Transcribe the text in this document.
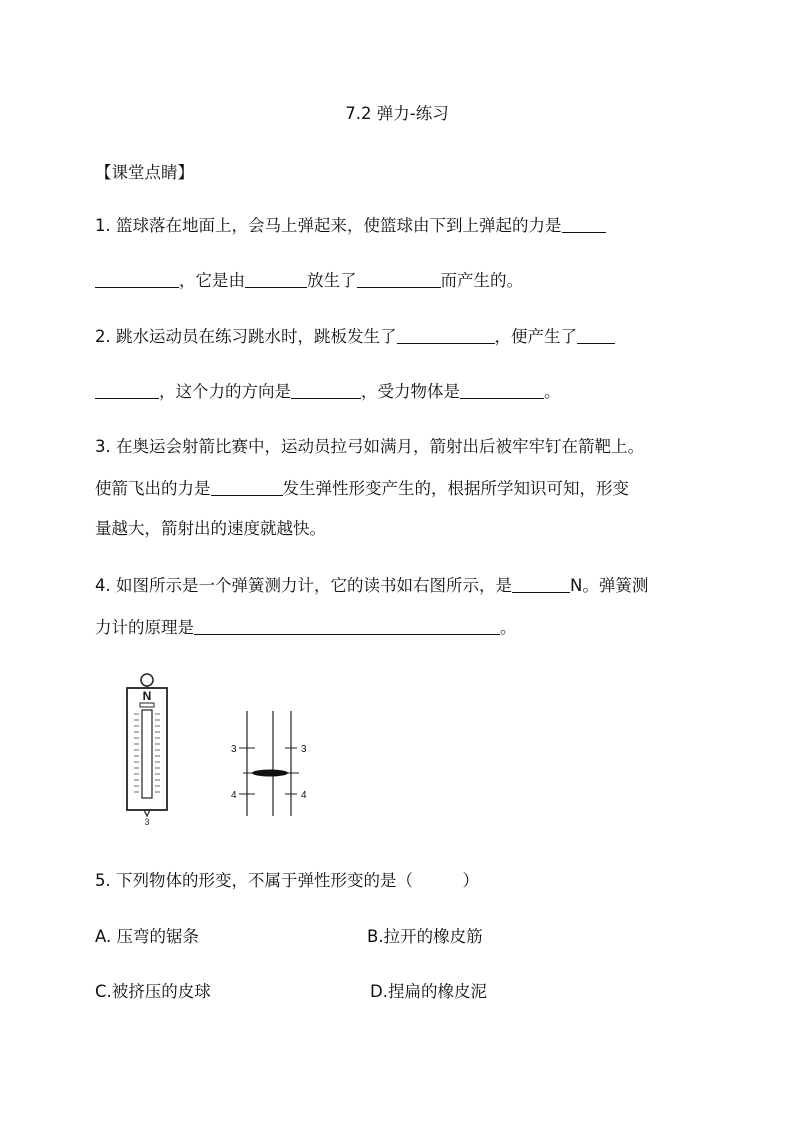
7.2 弹力-练习
【课堂点睛】
1. 篮球落在地面上，会马上弹起来，使篮球由下到上弹起的力是
，它是由	放生了	而产生的。
2. 跳水运动员在练习跳水时，跳板发生了	，便产生了
，这个力的方向是	，受力物体是	。
3. 在奥运会射箭比赛中，运动员拉弓如满月，箭射出后被牢牢钉在箭靶上。
使箭飞出的力是	发生弹性形变产生的，根据所学知识可知，形变
量越大，箭射出的速度就越快。
4. 如图所示是一个弹簧测力计，它的读书如右图所示，是	N。弹簧测
力计的原理是	。
N
3
3	3
4	4
5. 下列物体的形变，不属于弹性形变的是（　　　）
A. 压弯的锯条	B.拉开的橡皮筋
C.被挤压的皮球	D.捏扁的橡皮泥
